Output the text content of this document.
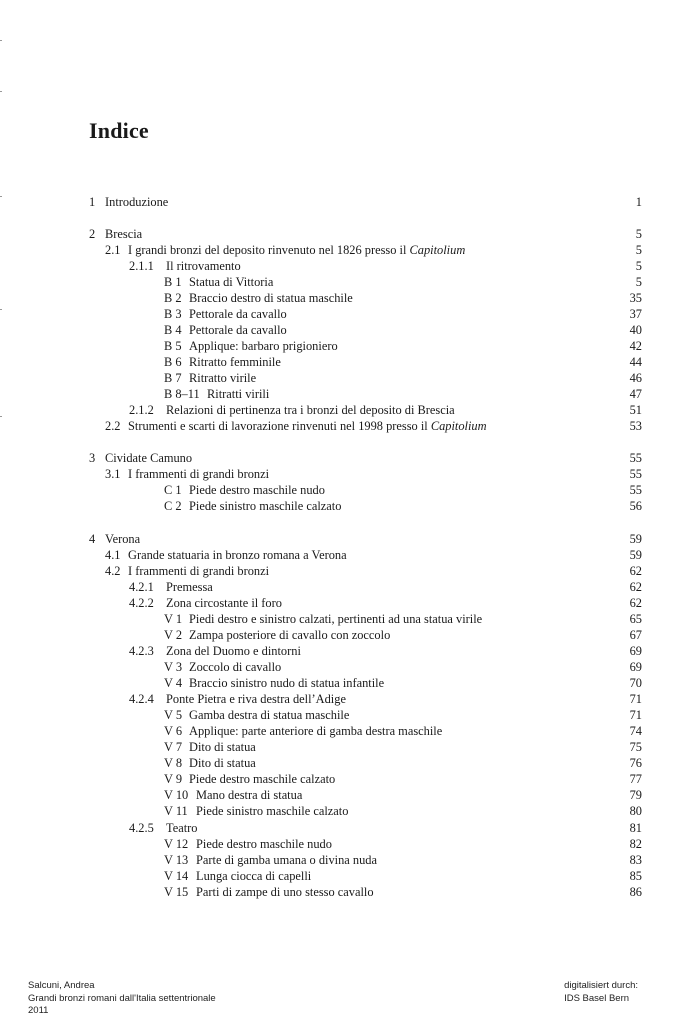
Indice
1 Introduzione	1
2 Brescia	5
2.1 I grandi bronzi del deposito rinvenuto nel 1826 presso il Capitolium	5
2.1.1 Il ritrovamento	5
B 1 Statua di Vittoria	5
B 2 Braccio destro di statua maschile	35
B 3 Pettorale da cavallo	37
B 4 Pettorale da cavallo	40
B 5 Applique: barbaro prigioniero	42
B 6 Ritratto femminile	44
B 7 Ritratto virile	46
B 8–11 Ritratti virili	47
2.1.2 Relazioni di pertinenza tra i bronzi del deposito di Brescia	51
2.2 Strumenti e scarti di lavorazione rinvenuti nel 1998 presso il Capitolium	53
3 Cividate Camuno	55
3.1 I frammenti di grandi bronzi	55
C 1 Piede destro maschile nudo	55
C 2 Piede sinistro maschile calzato	56
4 Verona	59
4.1 Grande statuaria in bronzo romana a Verona	59
4.2 I frammenti di grandi bronzi	62
4.2.1 Premessa	62
4.2.2 Zona circostante il foro	62
V 1 Piedi destro e sinistro calzati, pertinenti ad una statua virile	65
V 2 Zampa posteriore di cavallo con zoccolo	67
4.2.3 Zona del Duomo e dintorni	69
V 3 Zoccolo di cavallo	69
V 4 Braccio sinistro nudo di statua infantile	70
4.2.4 Ponte Pietra e riva destra dell’Adige	71
V 5 Gamba destra di statua maschile	71
V 6 Applique: parte anteriore di gamba destra maschile	74
V 7 Dito di statua	75
V 8 Dito di statua	76
V 9 Piede destro maschile calzato	77
V 10 Mano destra di statua	79
V 11 Piede sinistro maschile calzato	80
4.2.5 Teatro	81
V 12 Piede destro maschile nudo	82
V 13 Parte di gamba umana o divina nuda	83
V 14 Lunga ciocca di capelli	85
V 15 Parti di zampe di uno stesso cavallo	86
Salcuni, Andrea
Grandi bronzi romani dall'Italia settentrionale
2011
digitalisiert durch:
IDS Basel Bern
